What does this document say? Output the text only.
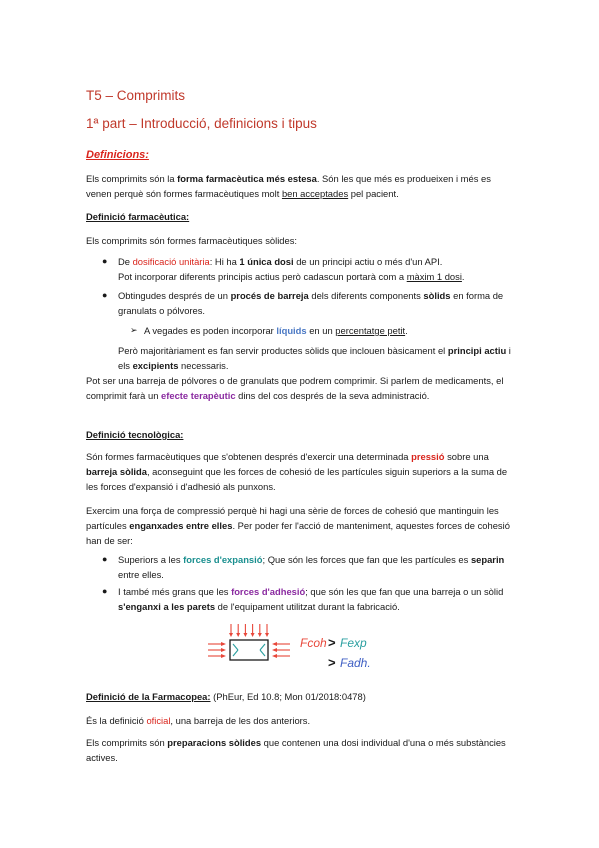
T5 – Comprimits
1ª part – Introducció, definicions i tipus
Definicions:
Els comprimits són la forma farmacèutica més estesa. Són les que més es produeixen i més es venen perquè són formes farmacèutiques molt ben acceptades pel pacient.
Definició farmacèutica:
Els comprimits són formes farmacèutiques sòlides:
● De dosificació unitària: Hi ha 1 única dosi de un principi actiu o més d'un API.
Pot incorporar diferents principis actius però cadascun portarà com a màxim 1 dosi.
● Obtingudes després de un procés de barreja dels diferents components sòlids en forma de granulats o pólvores.
➢ A vegades es poden incorporar líquids en un percentatge petit.
Però majoritàriament es fan servir productes sòlids que inclouen bàsicament el principi actiu i els excipients necessaris.
Pot ser una barreja de pólvores o de granulats que podrem comprimir. Si parlem de medicaments, el comprimit farà un efecte terapèutic dins del cos després de la seva administració.
Definició tecnològica:
Són formes farmacèutiques que s'obtenen després d'exercir una determinada pressió sobre una barreja sòlida, aconseguint que les forces de cohesió de les partícules siguin superiors a la suma de les forces d'expansió i d'adhesió als punxons.
Exercim una força de compressió perquè hi hagi una sèrie de forces de cohesió que mantinguin les partícules enganxades entre elles. Per poder fer l'acció de manteniment, aquestes forces de cohesió han de ser:
● Superiors a les forces d'expansió; Que són les forces que fan que les partícules es separin entre elles.
● I també més grans que les forces d'adhesió; que són les que fan que una barreja o un sòlid s'enganxi a les parets de l'equipament utilitzat durant la fabricació.
Fcoh > Fexp
> Fadh.
Definició de la Farmacopea: (PhEur, Ed 10.8; Mon 01/2018:0478)
És la definició oficial, una barreja de les dos anteriors.
Els comprimits són preparacions sòlides que contenen una dosi individual d'una o més substàncies actives.
